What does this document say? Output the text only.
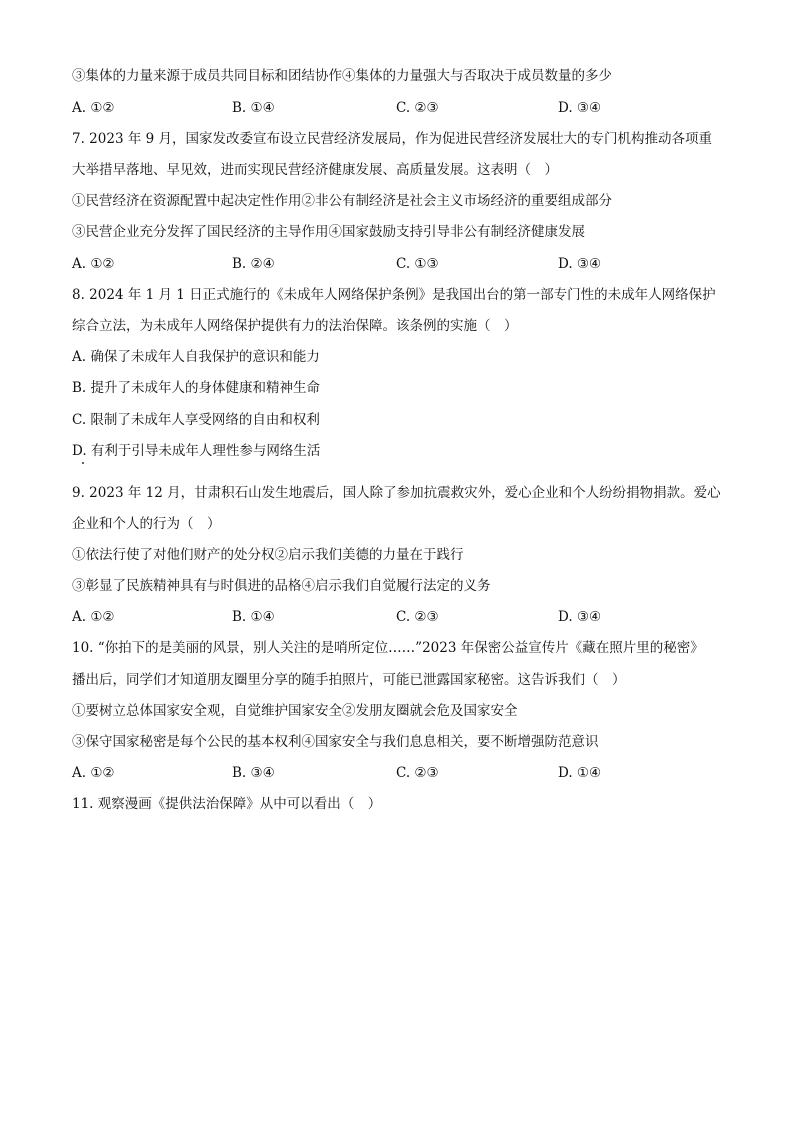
③集体的力量来源于成员共同目标和团结协作④集体的力量强大与否取决于成员数量的多少
A. ①②	B. ①④	C. ②③	D. ③④
7. 2023 年 9 月，国家发改委宣布设立民营经济发展局，作为促进民营经济发展壮大的专门机构推动各项重
大举措早落地、早见效，进而实现民营经济健康发展、高质量发展。这表明（　）
①民营经济在资源配置中起决定性作用②非公有制经济是社会主义市场经济的重要组成部分
③民营企业充分发挥了国民经济的主导作用④国家鼓励支持引导非公有制经济健康发展
A. ①②	B. ②④	C. ①③	D. ③④
8. 2024 年 1 月 1 日正式施行的《未成年人网络保护条例》是我国出台的第一部专门性的未成年人网络保护
综合立法，为未成年人网络保护提供有力的法治保障。该条例的实施（　）
A. 确保了未成年人自我保护的意识和能力
B. 提升了未成年人的身体健康和精神生命
C. 限制了未成年人享受网络的自由和权利
D. 有利于引导未成年人理性参与网络生活
9. 2023 年 12 月，甘肃积石山发生地震后，国人除了参加抗震救灾外，爱心企业和个人纷纷捐物捐款。爱心
企业和个人的行为（　）
①依法行使了对他们财产的处分权②启示我们美德的力量在于践行
③彰显了民族精神具有与时俱进的品格④启示我们自觉履行法定的义务
A. ①②	B. ①④	C. ②③	D. ③④
10. “你拍下的是美丽的风景，别人关注的是哨所定位……”2023 年保密公益宣传片《藏在照片里的秘密》
播出后，同学们才知道朋友圈里分享的随手拍照片，可能已泄露国家秘密。这告诉我们（　）
①要树立总体国家安全观，自觉维护国家安全②发朋友圈就会危及国家安全
③保守国家秘密是每个公民的基本权利④国家安全与我们息息相关，要不断增强防范意识
A. ①②	B. ③④	C. ②③	D. ①④
11. 观察漫画《提供法治保障》从中可以看出（　）
